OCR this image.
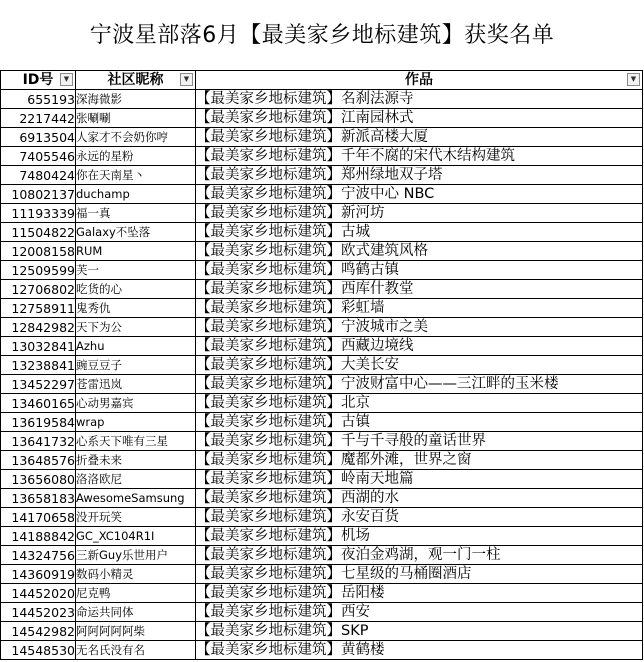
宁波星部落6月【最美家乡地标建筑】获奖名单
ID号 ▼	社区昵称 ▼	作品 ▼

655193	深海微影	【最美家乡地标建筑】名刹法源寺
2217442	张唰唰	【最美家乡地标建筑】江南园林式
6913504	人家才不会奶你哼	【最美家乡地标建筑】新派高楼大厦
7405546	永远的星粉	【最美家乡地标建筑】千年不腐的宋代木结构建筑
7480424	你在天南星丶	【最美家乡地标建筑】郑州绿地双子塔
10802137	duchamp	【最美家乡地标建筑】宁波中心 NBC
11193339	福一真	【最美家乡地标建筑】新河坊
11504822	Galaxy不坠落	【最美家乡地标建筑】古城
12008158	RUM	【最美家乡地标建筑】欧式建筑风格
12509599	芙一	【最美家乡地标建筑】鸣鹤古镇
12706802	吃货的心	【最美家乡地标建筑】西库什教堂
12758911	鬼秀仇	【最美家乡地标建筑】彩虹墙
12842982	天下为公	【最美家乡地标建筑】宁波城市之美
13032841	Azhu	【最美家乡地标建筑】西藏边境线
13238841	豌豆豆子	【最美家乡地标建筑】大美长安
13452297	苍雷迅岚	【最美家乡地标建筑】宁波财富中心——三江畔的玉米楼
13460165	心动男嘉宾	【最美家乡地标建筑】北京
13619584	wrap	【最美家乡地标建筑】古镇
13641732	心系天下唯有三星	【最美家乡地标建筑】千与千寻般的童话世界
13648576	折叠未来	【最美家乡地标建筑】魔都外滩，世界之窗
13656080	洛洛欧尼	【最美家乡地标建筑】岭南天地篇
13658183	AwesomeSamsung	【最美家乡地标建筑】西湖的水
14170658	没开玩笑	【最美家乡地标建筑】永安百货
14188842	GC_XC104R1I	【最美家乡地标建筑】机场
14324756	三新Guy乐世用户	【最美家乡地标建筑】夜泊金鸡湖，观一门一柱
14360919	数码小精灵	【最美家乡地标建筑】七星级的马桶圈酒店
14452020	尼克鸭	【最美家乡地标建筑】岳阳楼
14452023	命运共同体	【最美家乡地标建筑】西安
14542982	阿阿阿阿阿柴	【最美家乡地标建筑】SKP
14548530	无名氏没有名	【最美家乡地标建筑】黄鹤楼
